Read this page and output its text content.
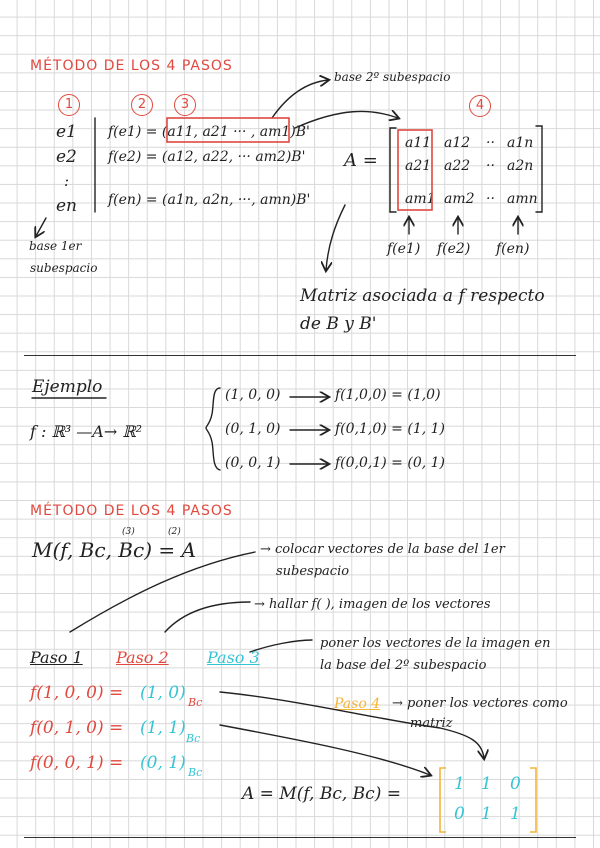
MÉTODO DE LOS 4 PASOS
base 2º subespacio
1	2	3	4
e1
e2
:
en
base 1er
subespacio
f(e1) = (a11, a21 ··· , am1)B'
f(e2) = (a12, a22, ··· am2)B'
f(en) = (a1n, a2n, ···, amn)B'
A =
a11 a12 ·· a1n
a21 a22 ·· a2n
am1 am2 ·· amn
f(e1) f(e2) f(en)
Matriz asociada a f respecto
de B y B'
Ejemplo
f : ℝ³ —A→ ℝ²
(1, 0, 0)	f(1,0,0) = (1,0)
(0, 1, 0)	f(0,1,0) = (1, 1)
(0, 0, 1)	f(0,0,1) = (0, 1)
MÉTODO DE LOS 4 PASOS
(3)	(2)
M(f, Bc, Bc) = A	→ colocar vectores de la base del 1er
subespacio
→ hallar f( ), imagen de los vectores
Paso 1 Paso 2 Paso 3
poner los vectores de la imagen en
la base del 2º subespacio
Paso 4 → poner los vectores como
matriz
f(1, 0, 0) = (1, 0) Bc
f(0, 1, 0) = (1, 1)
Bc
f(0, 0, 1) = (0, 1) Bc
A = M(f, Bc, Bc) =	1 1 0
0 1 1
